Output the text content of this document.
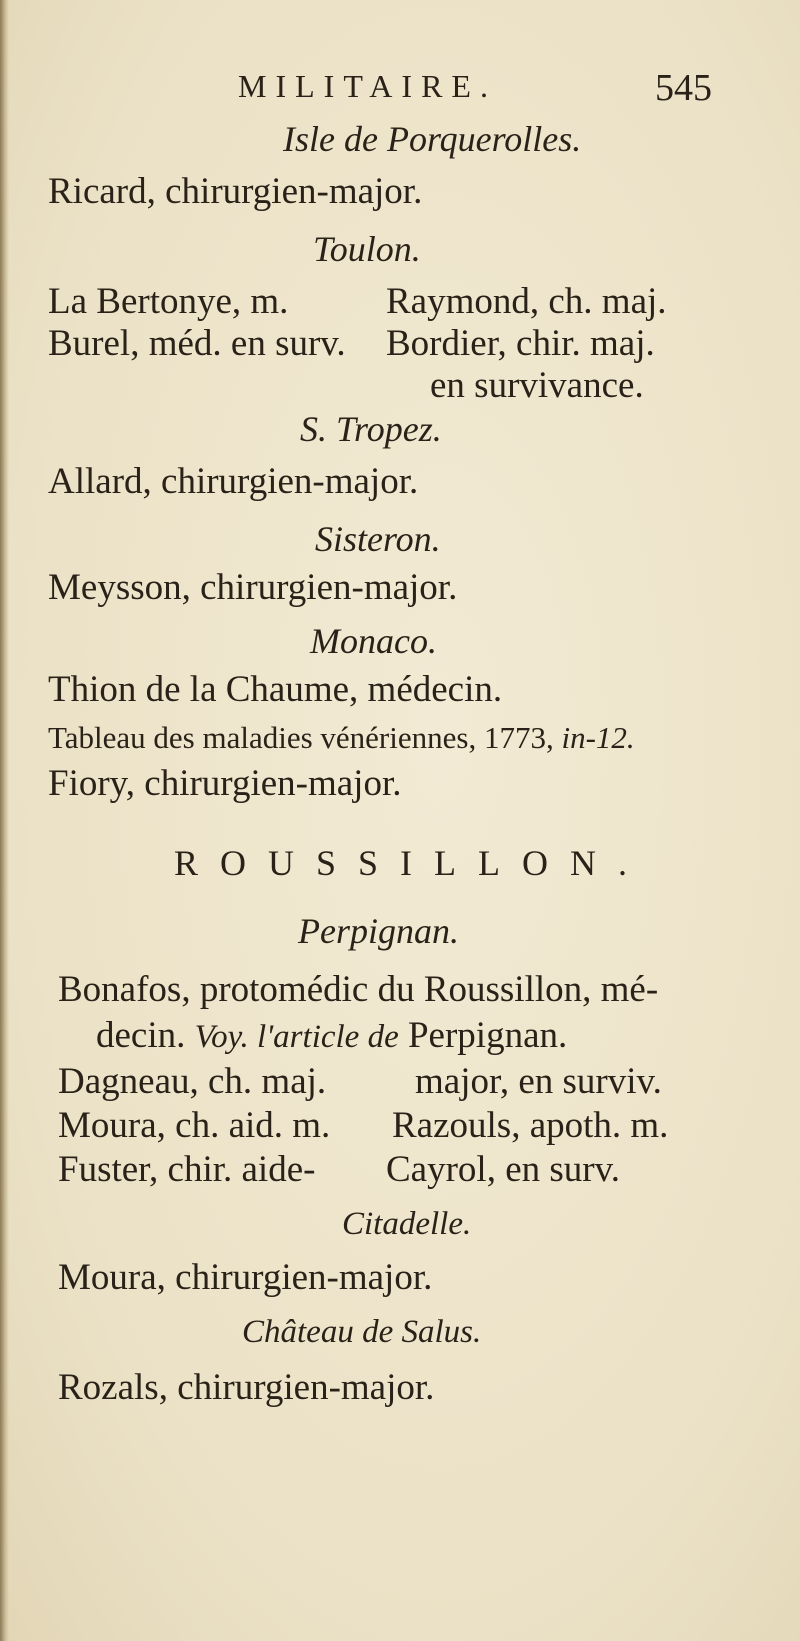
MILITAIRE.	545
Isle de Porquerolles.
Ricard, chirurgien-major.
Toulon.
La Bertonye, m.	Raymond, ch. maj.
Burel, méd. en surv. Bordier, chir. maj.
en survivance.
S. Tropez.
Allard, chirurgien-major.
Sisteron.
Meysson, chirurgien-major.
Monaco.
Thion de la Chaume, médecin.
Tableau des maladies vénériennes, 1773, in-12.
Fiory, chirurgien-major.
ROUSSILLON.
Perpignan.
Bonafos, protomédic du Roussillon, mé-
decin. Voy. l'article de Perpignan.
Dagneau, ch. maj. major, en surviv.
Moura, ch. aid. m. Razouls, apoth. m.
Fuster, chir. aide- Cayrol, en surv.
Citadelle.
Moura, chirurgien-major.
Château de Salus.
Rozals, chirurgien-major.
